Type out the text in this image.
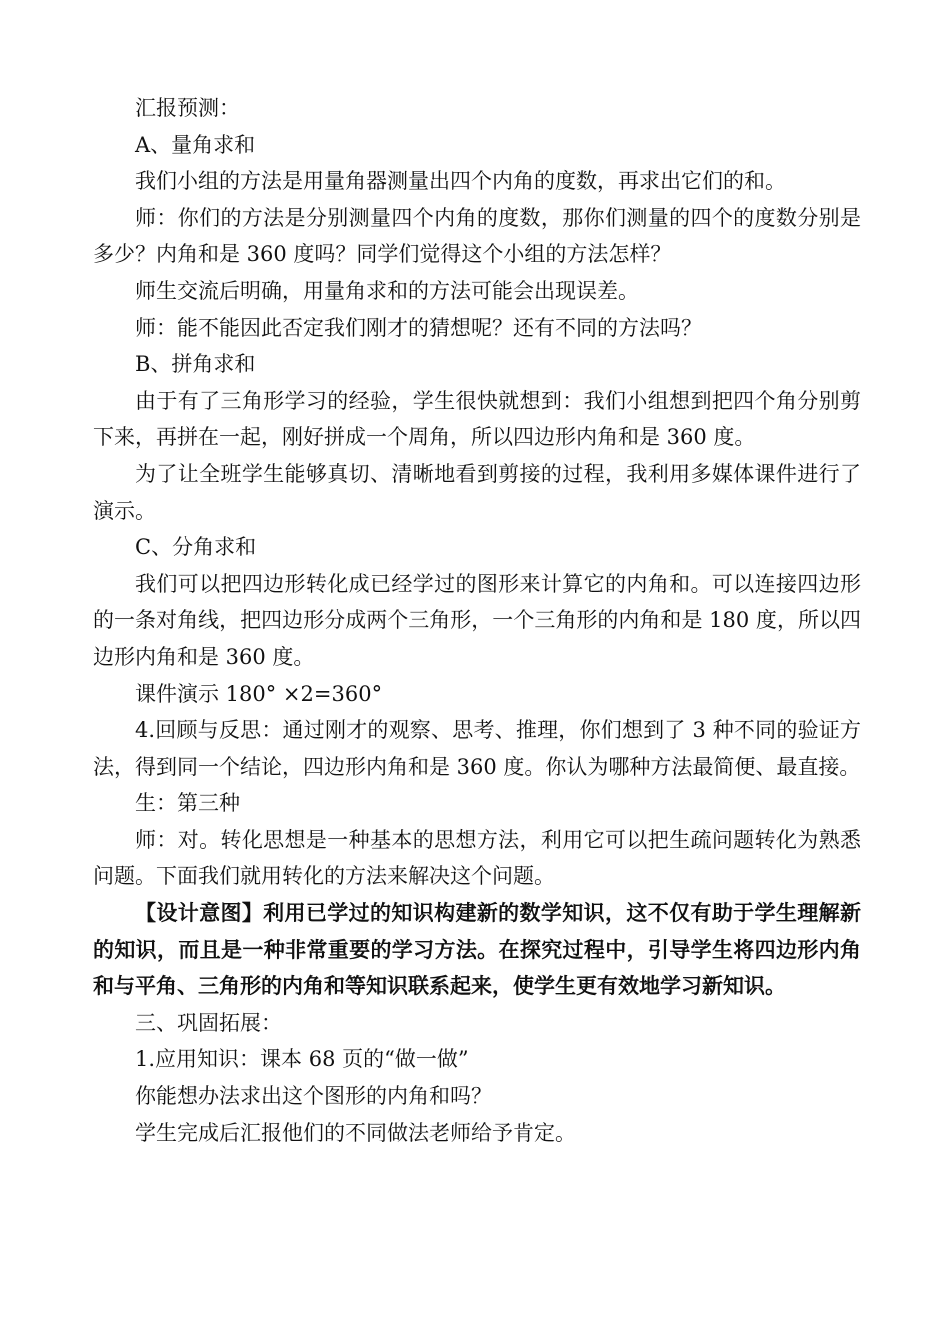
汇报预测：

A、量角求和

我们小组的方法是用量角器测量出四个内角的度数，再求出它们的和。

师：你们的方法是分别测量四个内角的度数，那你们测量的四个的度数分别是多少？内角和是 360 度吗？同学们觉得这个小组的方法怎样？

师生交流后明确，用量角求和的方法可能会出现误差。

师：能不能因此否定我们刚才的猜想呢？还有不同的方法吗？

B、拼角求和

由于有了三角形学习的经验，学生很快就想到：我们小组想到把四个角分别剪下来，再拼在一起，刚好拼成一个周角，所以四边形内角和是 360 度。

为了让全班学生能够真切、清晰地看到剪接的过程，我利用多媒体课件进行了演示。

C、分角求和

我们可以把四边形转化成已经学过的图形来计算它的内角和。可以连接四边形的一条对角线，把四边形分成两个三角形，一个三角形的内角和是 180 度，所以四边形内角和是 360 度。

课件演示 180° ×2=360°

4.回顾与反思：通过刚才的观察、思考、推理，你们想到了 3 种不同的验证方法，得到同一个结论，四边形内角和是 360 度。你认为哪种方法最简便、最直接。

生：第三种

师：对。转化思想是一种基本的思想方法，利用它可以把生疏问题转化为熟悉问题。下面我们就用转化的方法来解决这个问题。

【设计意图】利用已学过的知识构建新的数学知识，这不仅有助于学生理解新的知识，而且是一种非常重要的学习方法。在探究过程中，引导学生将四边形内角和与平角、三角形的内角和等知识联系起来，使学生更有效地学习新知识。

三、巩固拓展：

1.应用知识：课本 68 页的“做一做”

你能想办法求出这个图形的内角和吗？

学生完成后汇报他们的不同做法老师给予肯定。
